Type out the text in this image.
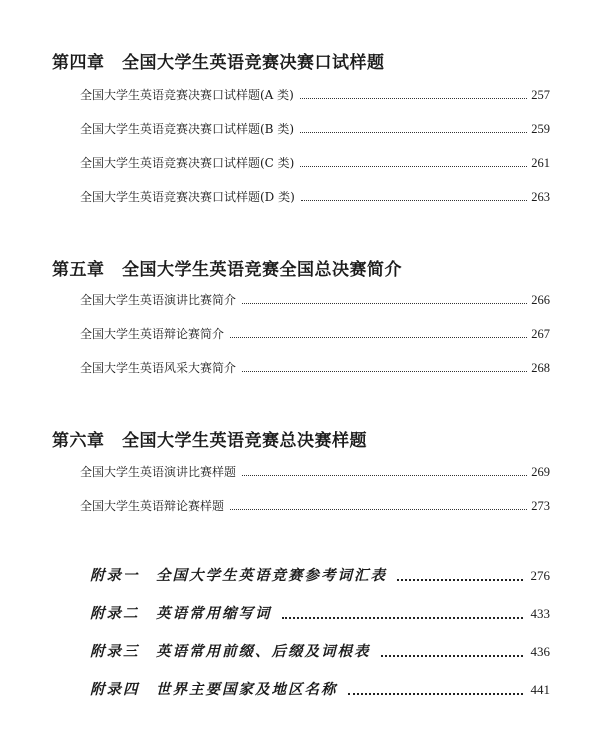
第四章　全国大学生英语竞赛决赛口试样题
全国大学生英语竞赛决赛口试样题(A 类)	257
全国大学生英语竞赛决赛口试样题(B 类)	259
全国大学生英语竞赛决赛口试样题(C 类)	261
全国大学生英语竞赛决赛口试样题(D 类)	263
第五章　全国大学生英语竞赛全国总决赛简介
全国大学生英语演讲比赛简介	266
全国大学生英语辩论赛简介	267
全国大学生英语风采大赛简介	268
第六章　全国大学生英语竞赛总决赛样题
全国大学生英语演讲比赛样题	269
全国大学生英语辩论赛样题	273
附录一　全国大学生英语竞赛参考词汇表	276
附录二　英语常用缩写词	433
附录三　英语常用前缀、后缀及词根表	436
附录四　世界主要国家及地区名称	441
